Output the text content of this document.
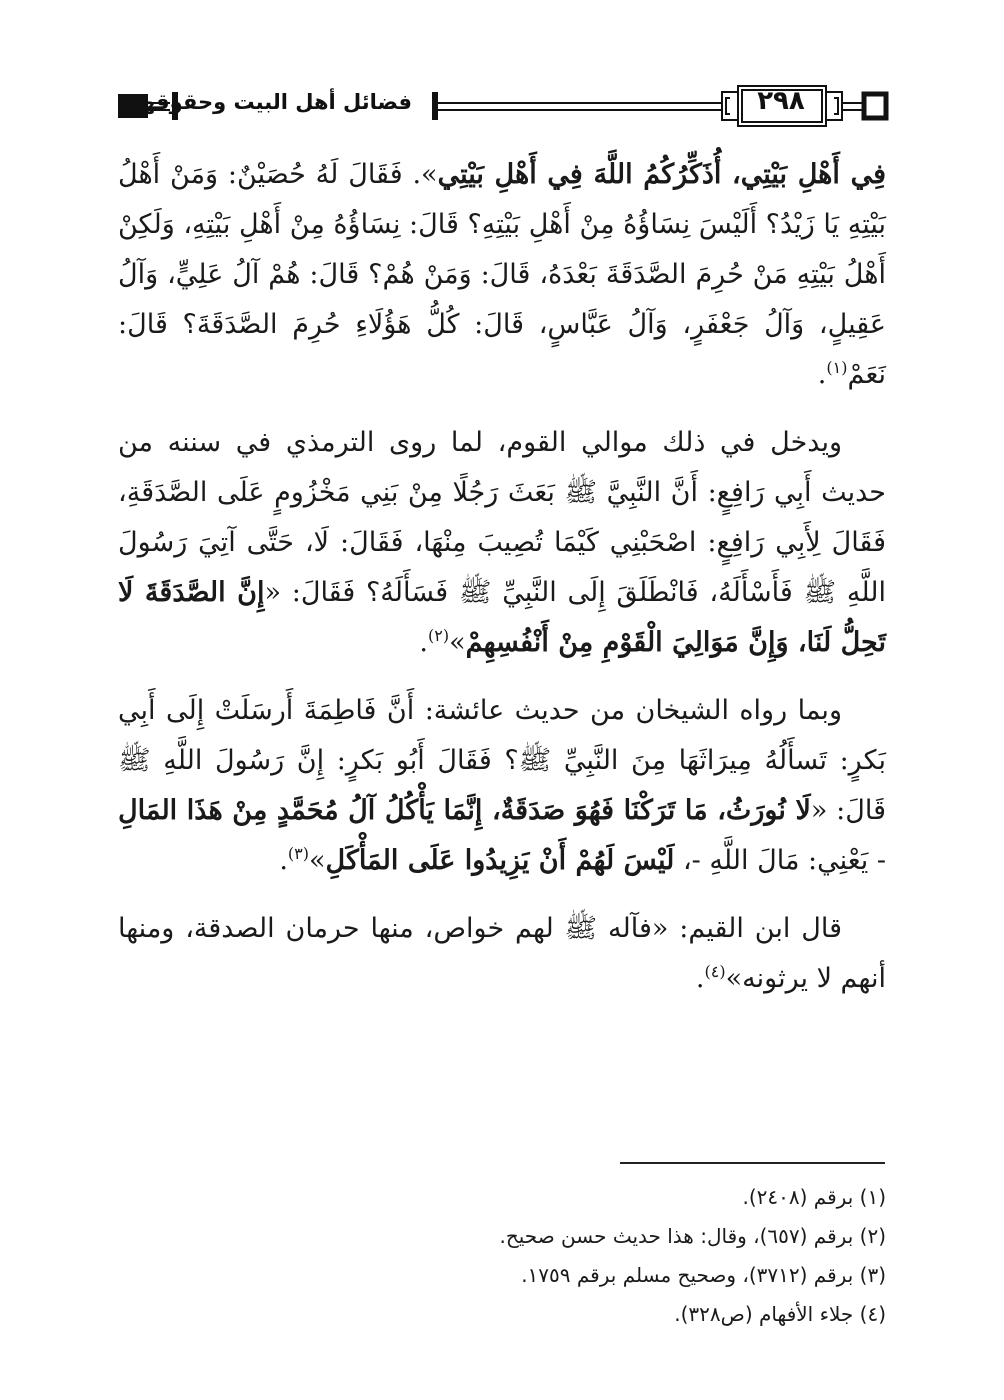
فضائل أهل البيت وحقوقهم	٢٩٨

فِي أَهْلِ بَيْتِي، أُذَكِّرُكُمُ اللَّهَ فِي أَهْلِ بَيْتِي». فَقَالَ لَهُ حُصَيْنٌ: وَمَنْ أَهْلُ بَيْتِهِ يَا زَيْدُ؟ أَلَيْسَ نِسَاؤُهُ مِنْ أَهْلِ بَيْتِهِ؟ قَالَ: نِسَاؤُهُ مِنْ أَهْلِ بَيْتِهِ، وَلَكِنْ أَهْلُ بَيْتِهِ مَنْ حُرِمَ الصَّدَقَةَ بَعْدَهُ، قَالَ: وَمَنْ هُمْ؟ قَالَ: هُمْ آلُ عَلِيٍّ، وَآلُ عَقِيلٍ، وَآلُ جَعْفَرٍ، وَآلُ عَبَّاسٍ، قَالَ: كُلُّ هَؤُلَاءِ حُرِمَ الصَّدَقَةَ؟ قَالَ: نَعَمْ$^{(١)}$.

ويدخل في ذلك موالي القوم، لما روى الترمذي في سننه من حديث أَبِي رَافِعٍ: أَنَّ النَّبِيَّ ﷺ بَعَثَ رَجُلًا مِنْ بَنِي مَخْزُومٍ عَلَى الصَّدَقَةِ، فَقَالَ لِأَبِي رَافِعٍ: اصْحَبْنِي كَيْمَا تُصِيبَ مِنْهَا، فَقَالَ: لَا، حَتَّى آتِيَ رَسُولَ اللَّهِ ﷺ فَأَسْأَلَهُ، فَانْطَلَقَ إِلَى النَّبِيِّ ﷺ فَسَأَلَهُ؟ فَقَالَ: «إِنَّ الصَّدَقَةَ لَا تَحِلُّ لَنَا، وَإِنَّ مَوَالِيَ الْقَوْمِ مِنْ أَنْفُسِهِمْ»$^{(٢)}$.

وبما رواه الشيخان من حديث عائشة: أَنَّ فَاطِمَةَ أَرسَلَتْ إِلَى أَبِي بَكرٍ: تَسأَلُهُ مِيرَاثَهَا مِنَ النَّبِيِّ ﷺ؟ فَقَالَ أَبُو بَكرٍ: إِنَّ رَسُولَ اللَّهِ ﷺ قَالَ: «لَا نُورَثُ، مَا تَرَكْنَا فَهُوَ صَدَقَةٌ، إِنَّمَا يَأْكُلُ آلُ مُحَمَّدٍ مِنْ هَذَا المَالِ - يَعْنِي: مَالَ اللَّهِ -، لَيْسَ لَهُمْ أَنْ يَزِيدُوا عَلَى المَأْكَلِ»$^{(٣)}$.

قال ابن القيم: «فآله ﷺ لهم خواص، منها حرمان الصدقة، ومنها أنهم لا يرثونه»$^{(٤)}$.

(١) برقم (٢٤٠٨).

(٢) برقم (٦٥٧)، وقال: هذا حديث حسن صحيح.

(٣) برقم (٣٧١٢)، وصحيح مسلم برقم ١٧٥٩.

(٤) جلاء الأفهام (ص٣٢٨).
